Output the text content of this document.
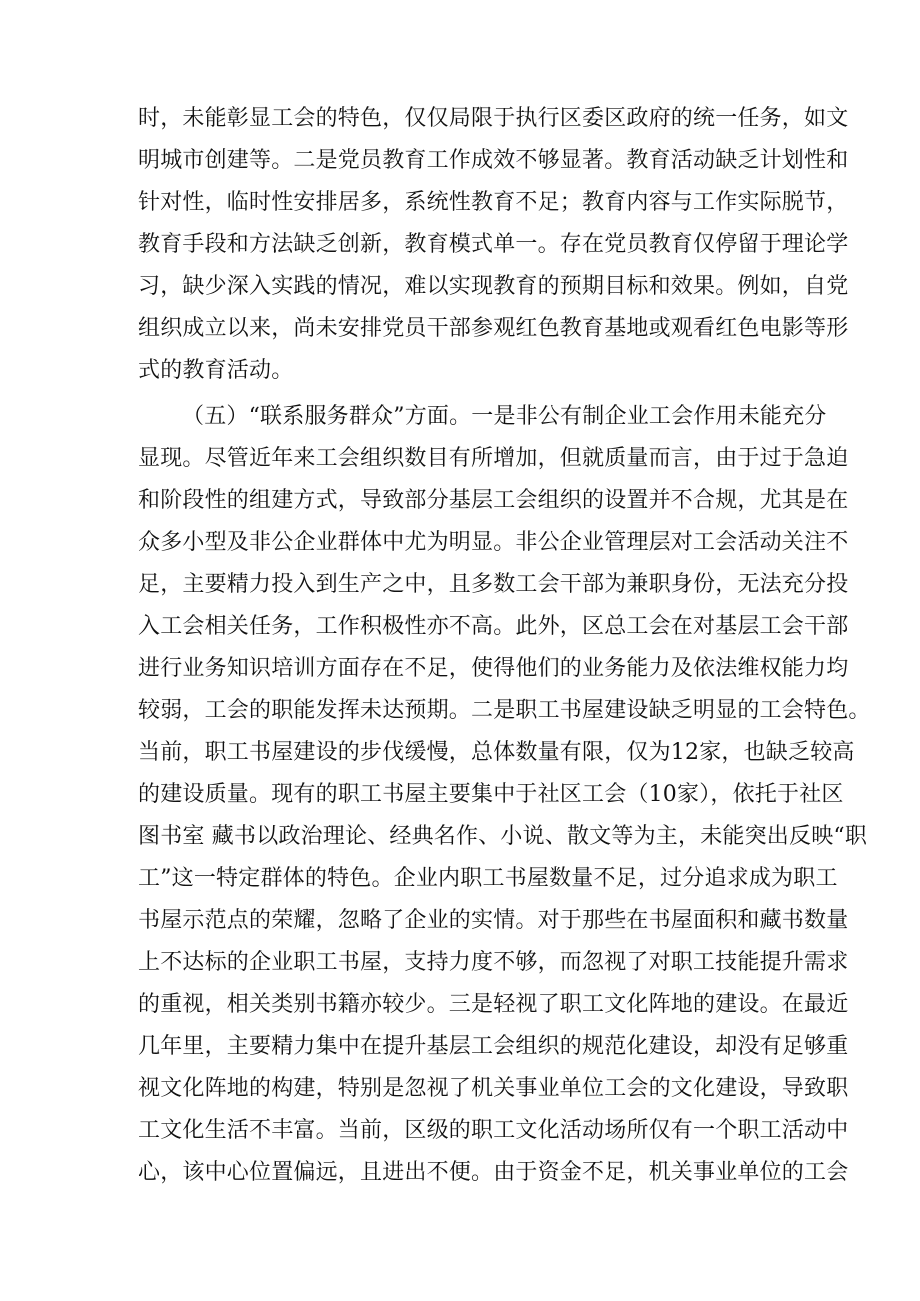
时，未能彰显工会的特色，仅仅局限于执行区委区政府的统一任务，如文
明城市创建等。二是党员教育工作成效不够显著。教育活动缺乏计划性和
针对性，临时性安排居多，系统性教育不足；教育内容与工作实际脱节，
教育手段和方法缺乏创新，教育模式单一。存在党员教育仅停留于理论学
习，缺少深入实践的情况，难以实现教育的预期目标和效果。例如，自党
组织成立以来，尚未安排党员干部参观红色教育基地或观看红色电影等形
式的教育活动。
（五）“联系服务群众”方面。一是非公有制企业工会作用未能充分
显现。尽管近年来工会组织数目有所增加，但就质量而言，由于过于急迫
和阶段性的组建方式，导致部分基层工会组织的设置并不合规，尤其是在
众多小型及非公企业群体中尤为明显。非公企业管理层对工会活动关注不
足，主要精力投入到生产之中，且多数工会干部为兼职身份，无法充分投
入工会相关任务，工作积极性亦不高。此外，区总工会在对基层工会干部
进行业务知识培训方面存在不足，使得他们的业务能力及依法维权能力均
较弱，工会的职能发挥未达预期。二是职工书屋建设缺乏明显的工会特色。
当前，职工书屋建设的步伐缓慢，总体数量有限，仅为12家，也缺乏较高
的建设质量。现有的职工书屋主要集中于社区工会（10家），依托于社区
图书室 藏书以政治理论、经典名作、小说、散文等为主，未能突出反映“职
工”这一特定群体的特色。企业内职工书屋数量不足，过分追求成为职工
书屋示范点的荣耀，忽略了企业的实情。对于那些在书屋面积和藏书数量
上不达标的企业职工书屋，支持力度不够，而忽视了对职工技能提升需求
的重视，相关类别书籍亦较少。三是轻视了职工文化阵地的建设。在最近
几年里，主要精力集中在提升基层工会组织的规范化建设，却没有足够重
视文化阵地的构建，特别是忽视了机关事业单位工会的文化建设，导致职
工文化生活不丰富。当前，区级的职工文化活动场所仅有一个职工活动中
心，该中心位置偏远，且进出不便。由于资金不足，机关事业单位的工会
